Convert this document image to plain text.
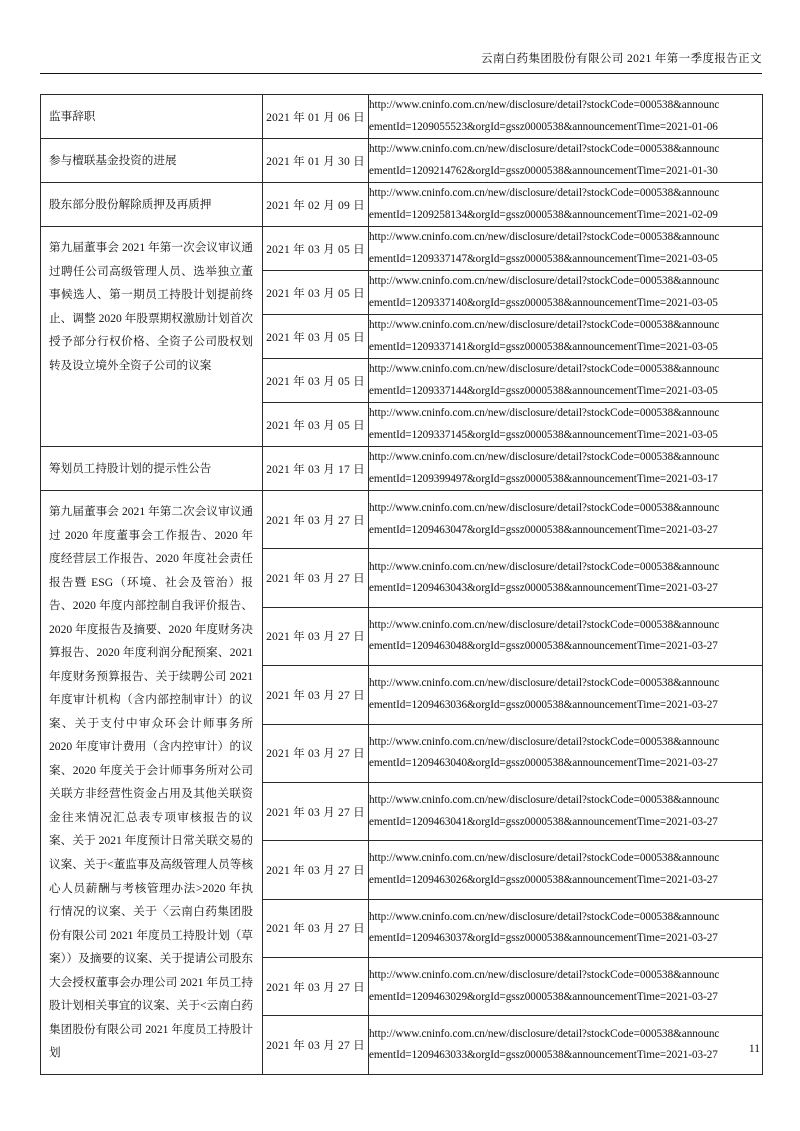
云南白药集团股份有限公司 2021 年第一季度报告正文
监事辞职	2021 年 01 月 06 日	http://www.cninfo.com.cn/new/disclosure/detail?stockCode=000538&announc
ementId=1209055523&orgId=gssz0000538&announcementTime=2021-01-06

参与檀联基金投资的进展	2021 年 01 月 30 日	http://www.cninfo.com.cn/new/disclosure/detail?stockCode=000538&announc
ementId=1209214762&orgId=gssz0000538&announcementTime=2021-01-30

股东部分股份解除质押及再质押	2021 年 02 月 09 日	http://www.cninfo.com.cn/new/disclosure/detail?stockCode=000538&announc
ementId=1209258134&orgId=gssz0000538&announcementTime=2021-02-09

第九届董事会 2021 年第一次会议审议通过聘任公司高级管理人员、选举独立董事候选人、第一期员工持股计划提前终止、调整 2020 年股票期权激励计划首次授予部分行权价格、全资子公司股权划转及设立境外全资子公司的议案	2021 年 03 月 05 日	http://www.cninfo.com.cn/new/disclosure/detail?stockCode=000538&announc
ementId=1209337147&orgId=gssz0000538&announcementTime=2021-03-05

	2021 年 03 月 05 日	http://www.cninfo.com.cn/new/disclosure/detail?stockCode=000538&announc
ementId=1209337140&orgId=gssz0000538&announcementTime=2021-03-05

	2021 年 03 月 05 日	http://www.cninfo.com.cn/new/disclosure/detail?stockCode=000538&announc
ementId=1209337141&orgId=gssz0000538&announcementTime=2021-03-05

	2021 年 03 月 05 日	http://www.cninfo.com.cn/new/disclosure/detail?stockCode=000538&announc
ementId=1209337144&orgId=gssz0000538&announcementTime=2021-03-05

	2021 年 03 月 05 日	http://www.cninfo.com.cn/new/disclosure/detail?stockCode=000538&announc
ementId=1209337145&orgId=gssz0000538&announcementTime=2021-03-05

筹划员工持股计划的提示性公告	2021 年 03 月 17 日	http://www.cninfo.com.cn/new/disclosure/detail?stockCode=000538&announc
ementId=1209399497&orgId=gssz0000538&announcementTime=2021-03-17

第九届董事会 2021 年第二次会议审议通过 2020 年度董事会工作报告、2020 年度经营层工作报告、2020 年度社会责任报告暨 ESG（环境、社会及管治）报告、2020 年度内部控制自我评价报告、2020 年度报告及摘要、2020 年度财务决算报告、2020 年度利润分配预案、2021 年度财务预算报告、关于续聘公司 2021 年度审计机构（含内部控制审计）的议案、关于支付中审众环会计师事务所 2020 年度审计费用（含内控审计）的议案、2020 年度关于会计师事务所对公司关联方非经营性资金占用及其他关联资金往来情况汇总表专项审核报告的议案、关于 2021 年度预计日常关联交易的议案、关于<董监事及高级管理人员等核心人员薪酬与考核管理办法>2020 年执行情况的议案、关于〈云南白药集团股份有限公司 2021 年度员工持股计划（草案））及摘要的议案、关于提请公司股东大会授权董事会办理公司 2021 年员工持股计划相关事宜的议案、关于<云南白药集团股份有限公司 2021 年度员工持股计划	2021 年 03 月 27 日	http://www.cninfo.com.cn/new/disclosure/detail?stockCode=000538&announc
ementId=1209463047&orgId=gssz0000538&announcementTime=2021-03-27

	2021 年 03 月 27 日	http://www.cninfo.com.cn/new/disclosure/detail?stockCode=000538&announc
ementId=1209463043&orgId=gssz0000538&announcementTime=2021-03-27

	2021 年 03 月 27 日	http://www.cninfo.com.cn/new/disclosure/detail?stockCode=000538&announc
ementId=1209463048&orgId=gssz0000538&announcementTime=2021-03-27

	2021 年 03 月 27 日	http://www.cninfo.com.cn/new/disclosure/detail?stockCode=000538&announc
ementId=1209463036&orgId=gssz0000538&announcementTime=2021-03-27

	2021 年 03 月 27 日	http://www.cninfo.com.cn/new/disclosure/detail?stockCode=000538&announc
ementId=1209463040&orgId=gssz0000538&announcementTime=2021-03-27

	2021 年 03 月 27 日	http://www.cninfo.com.cn/new/disclosure/detail?stockCode=000538&announc
ementId=1209463041&orgId=gssz0000538&announcementTime=2021-03-27

	2021 年 03 月 27 日	http://www.cninfo.com.cn/new/disclosure/detail?stockCode=000538&announc
ementId=1209463026&orgId=gssz0000538&announcementTime=2021-03-27

	2021 年 03 月 27 日	http://www.cninfo.com.cn/new/disclosure/detail?stockCode=000538&announc
ementId=1209463037&orgId=gssz0000538&announcementTime=2021-03-27

	2021 年 03 月 27 日	http://www.cninfo.com.cn/new/disclosure/detail?stockCode=000538&announc
ementId=1209463029&orgId=gssz0000538&announcementTime=2021-03-27

	2021 年 03 月 27 日	http://www.cninfo.com.cn/new/disclosure/detail?stockCode=000538&announc
ementId=1209463033&orgId=gssz0000538&announcementTime=2021-03-27
11
